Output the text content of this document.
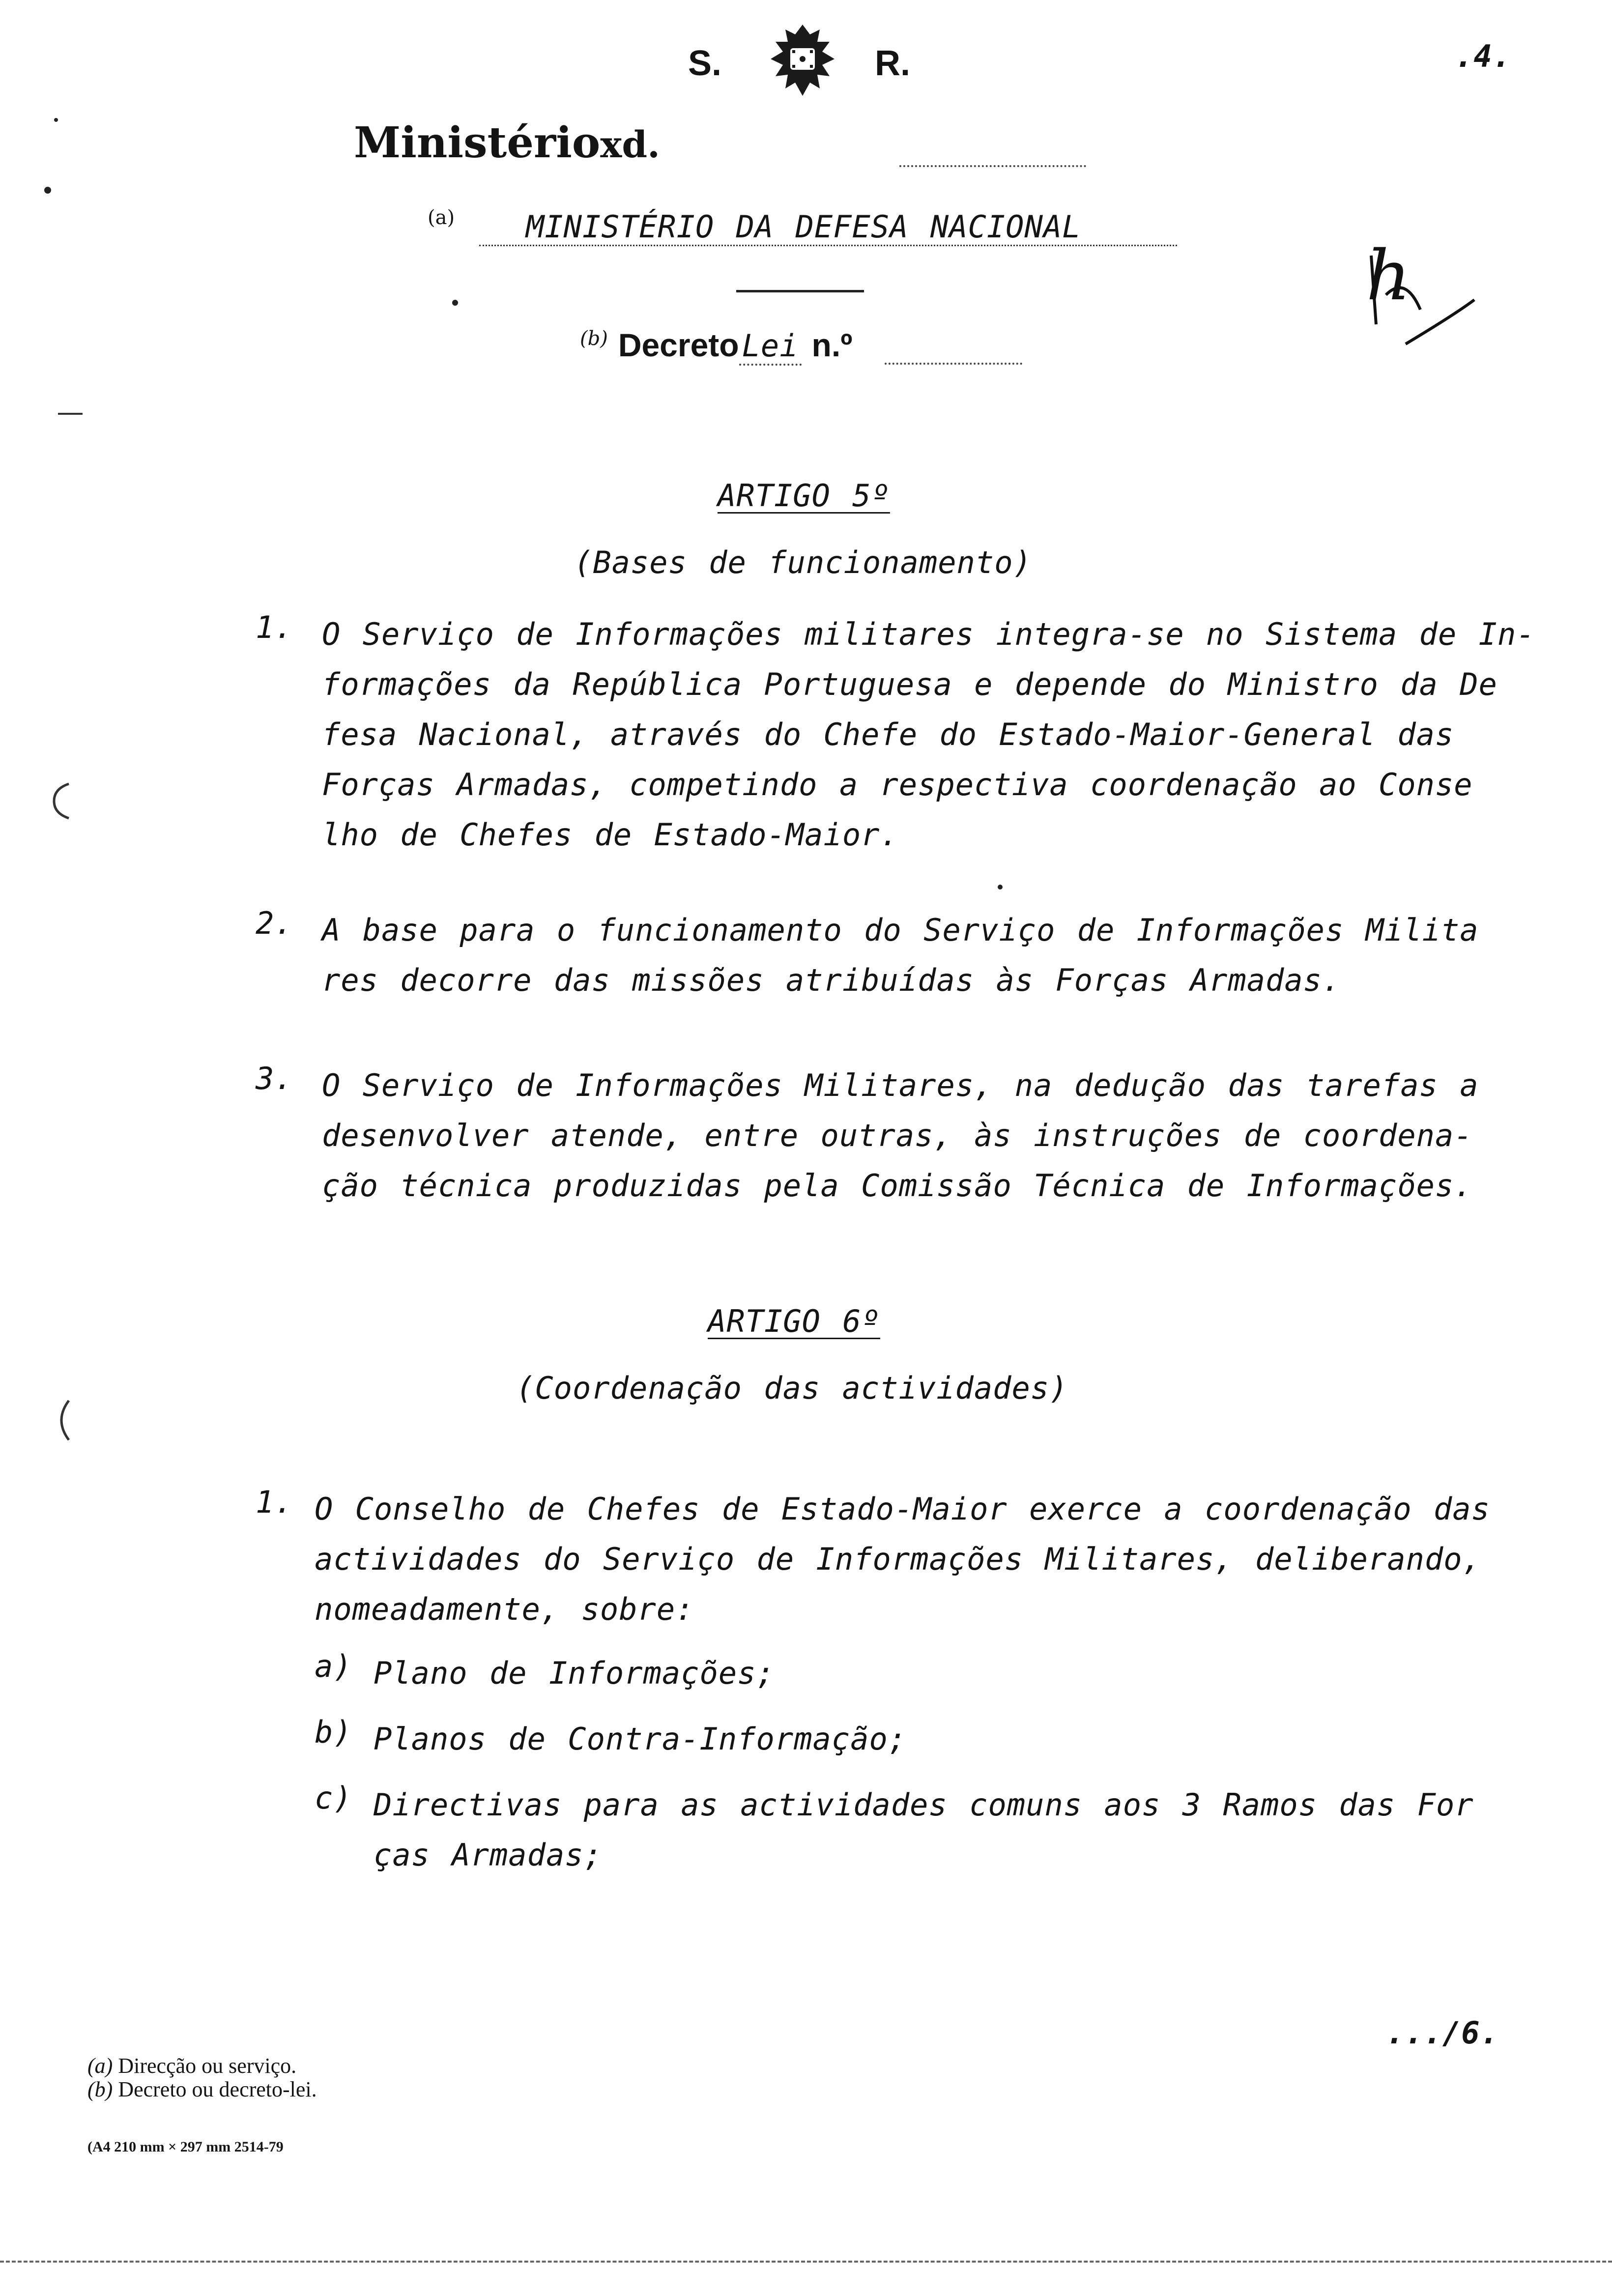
S.	R.	.4.
Ministérioxd.
(a)	MINISTÉRIO DA DEFESA NACIONAL
$^{(b)}$ DecretoLei n.º
h
ARTIGO 5º
(Bases de funcionamento)
1. O Serviço de Informações militares integra-se no Sistema de In-
formações da República Portuguesa e depende do Ministro da De
fesa Nacional, através do Chefe do Estado-Maior-General das
Forças Armadas, competindo a respectiva coordenação ao Conse
lho de Chefes de Estado-Maior.
2. A base para o funcionamento do Serviço de Informações Milita
res decorre das missões atribuídas às Forças Armadas.
3. O Serviço de Informações Militares, na dedução das tarefas a
desenvolver atende, entre outras, às instruções de coordena-
ção técnica produzidas pela Comissão Técnica de Informações.
ARTIGO 6º
(Coordenação das actividades)
1. O Conselho de Chefes de Estado-Maior exerce a coordenação das
actividades do Serviço de Informações Militares, deliberando,
nomeadamente, sobre:
a) Plano de Informações;
b) Planos de Contra-Informação;
c) Directivas para as actividades comuns aos 3 Ramos das For
ças Armadas;
.../6.
(a) Direcção ou serviço.
(b) Decreto ou decreto-lei.
(A4 210 mm × 297 mm 2514-79
